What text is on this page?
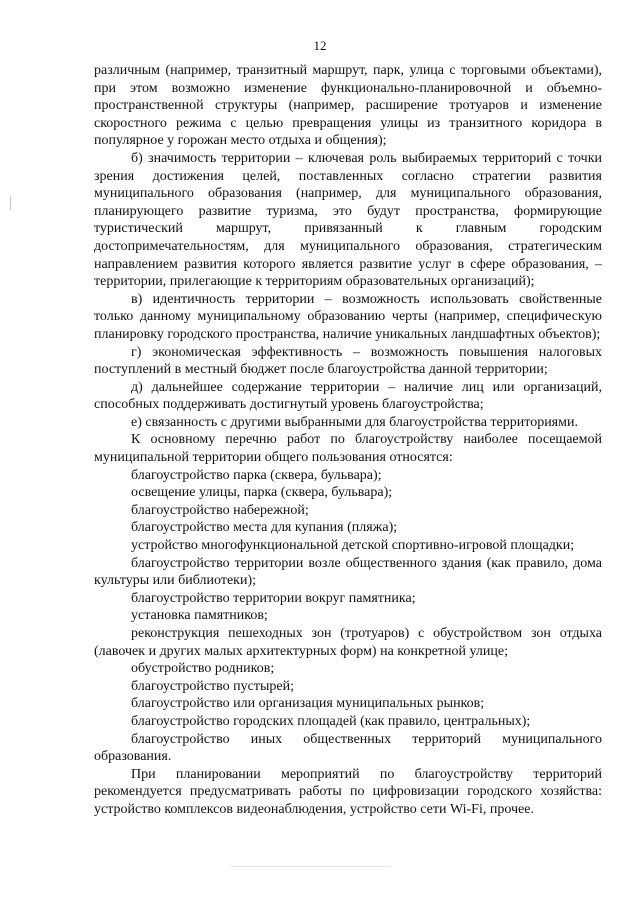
12

различным (например, транзитный маршрут, парк, улица с торговыми объектами), при этом возможно изменение функционально-планировочной и объемно-пространственной структуры (например, расширение тротуаров и изменение скоростного режима с целью превращения улицы из транзитного коридора в популярное у горожан место отдыха и общения);

б) значимость территории – ключевая роль выбираемых территорий с точки зрения достижения целей, поставленных согласно стратегии развития муниципального образования (например, для муниципального образования, планирующего развитие туризма, это будут пространства, формирующие туристический маршрут, привязанный к главным городским достопримечательностям, для муниципального образования, стратегическим направлением развития которого является развитие услуг в сфере образования, – территории, прилегающие к территориям образовательных организаций);

в) идентичность территории – возможность использовать свойственные только данному муниципальному образованию черты (например, специфическую планировку городского пространства, наличие уникальных ландшафтных объектов);

г) экономическая эффективность – возможность повышения налоговых поступлений в местный бюджет после благоустройства данной территории;

д) дальнейшее содержание территории – наличие лиц или организаций, способных поддерживать достигнутый уровень благоустройства;

е) связанность с другими выбранными для благоустройства территориями.

К основному перечню работ по благоустройству наиболее посещаемой муниципальной территории общего пользования относятся:

благоустройство парка (сквера, бульвара);

освещение улицы, парка (сквера, бульвара);

благоустройство набережной;

благоустройство места для купания (пляжа);

устройство многофункциональной детской спортивно-игровой площадки;

благоустройство территории возле общественного здания (как правило, дома культуры или библиотеки);

благоустройство территории вокруг памятника;

установка памятников;

реконструкция пешеходных зон (тротуаров) с обустройством зон отдыха (лавочек и других малых архитектурных форм) на конкретной улице;

обустройство родников;

благоустройство пустырей;

благоустройство или организация муниципальных рынков;

благоустройство городских площадей (как правило, центральных);

благоустройство иных общественных территорий муниципального образования.

При планировании мероприятий по благоустройству территорий рекомендуется предусматривать работы по цифровизации городского хозяйства: устройство комплексов видеонаблюдения, устройство сети Wi-Fi, прочее.
